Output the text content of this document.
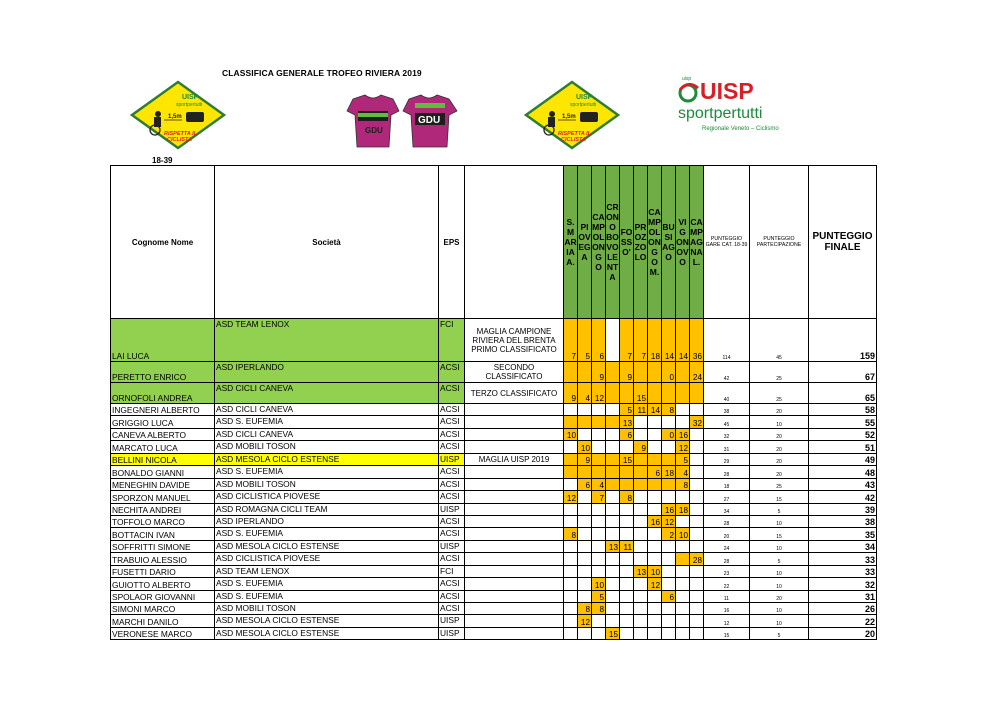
CLASSIFICA GENERALE TROFEO RIVIERA 2019
UISP
sportpertutti
1,5m
RISPETTA IL
CICLISTA
GDU
GDU
UISP
sportpertutti
1,5m
RISPETTA IL
CICLISTA
uisp UISP
sportpertutti
Regionale Veneto – Ciclismo
18-39
Cognome Nome	Società	EPS		S. MARIA A.	PIOVEGA	CAMPOLONGO	CRONO BOVOLENTA	FOSSO'	PROZZOLO	CAMPOLONGO M.	BUSIAGO	VIGONOVO	CAMPAGNA L.	PUNTEGGIO GARE CAT. 18-39	PUNTEGGIO PARTECIPAZIONE	PUNTEGGIO FINALE
LAI LUCA	ASD TEAM LENOX	FCI	MAGLIA CAMPIONE RIVIERA DEL BRENTA PRIMO CLASSIFICATO	7	5	6		7	7	18	14	14	36	114	45	159
PERETTO ENRICO	ASD IPERLANDO	ACSI	SECONDO CLASSIFICATO			9		9			0		24	42	25	67
ORNOFOLI ANDREA	ASD CICLI CANEVA	ACSI	TERZO CLASSIFICATO	9	4	12			15					40	25	65
INGEGNERI ALBERTO	ASD CICLI CANEVA	ACSI						5	11	14	8			38	20	58
GRIGGIO LUCA	ASD S. EUFEMIA	ACSI						13					32	45	10	55
CANEVA ALBERTO	ASD CICLI CANEVA	ACSI		10				6			0	16		32	20	52
MARCATO LUCA	ASD MOBILI TOSON	ACSI			10				9			12		31	20	51
BELLINI NICOLA	ASD MESOLA CICLO ESTENSE	UISP	MAGLIA UISP 2019		9			15				5		29	20	49
BONALDO GIANNI	ASD S. EUFEMIA	ACSI								6	18	4		28	20	48
MENEGHIN DAVIDE	ASD MOBILI TOSON	ACSI			6	4						8		18	25	43
SPORZON MANUEL	ASD CICLISTICA PIOVESE	ACSI		12		7		8						27	15	42
NECHITA ANDREI	ASD ROMAGNA CICLI TEAM	UISP									16	18		34	5	39
TOFFOLO MARCO	ASD IPERLANDO	ACSI								16	12			28	10	38
BOTTACIN IVAN	ASD S. EUFEMIA	ACSI		8							2	10		20	15	35
SOFFRITTI SIMONE	ASD MESOLA CICLO ESTENSE	UISP					13	11						24	10	34
TRABUIO ALESSIO	ASD CICLISTICA PIOVESE	ACSI											28	28	5	33
FUSETTI DARIO	ASD TEAM LENOX	FCI							13	10				23	10	33
GUIOTTO ALBERTO	ASD S. EUFEMIA	ACSI				10				12				22	10	32
SPOLAOR GIOVANNI	ASD S. EUFEMIA	ACSI				5					6			11	20	31
SIMONI MARCO	ASD MOBILI TOSON	ACSI			8	8								16	10	26
MARCHI DANILO	ASD MESOLA CICLO ESTENSE	UISP			12									12	10	22
VERONESE MARCO	ASD MESOLA CICLO ESTENSE	UISP					15							15	5	20
